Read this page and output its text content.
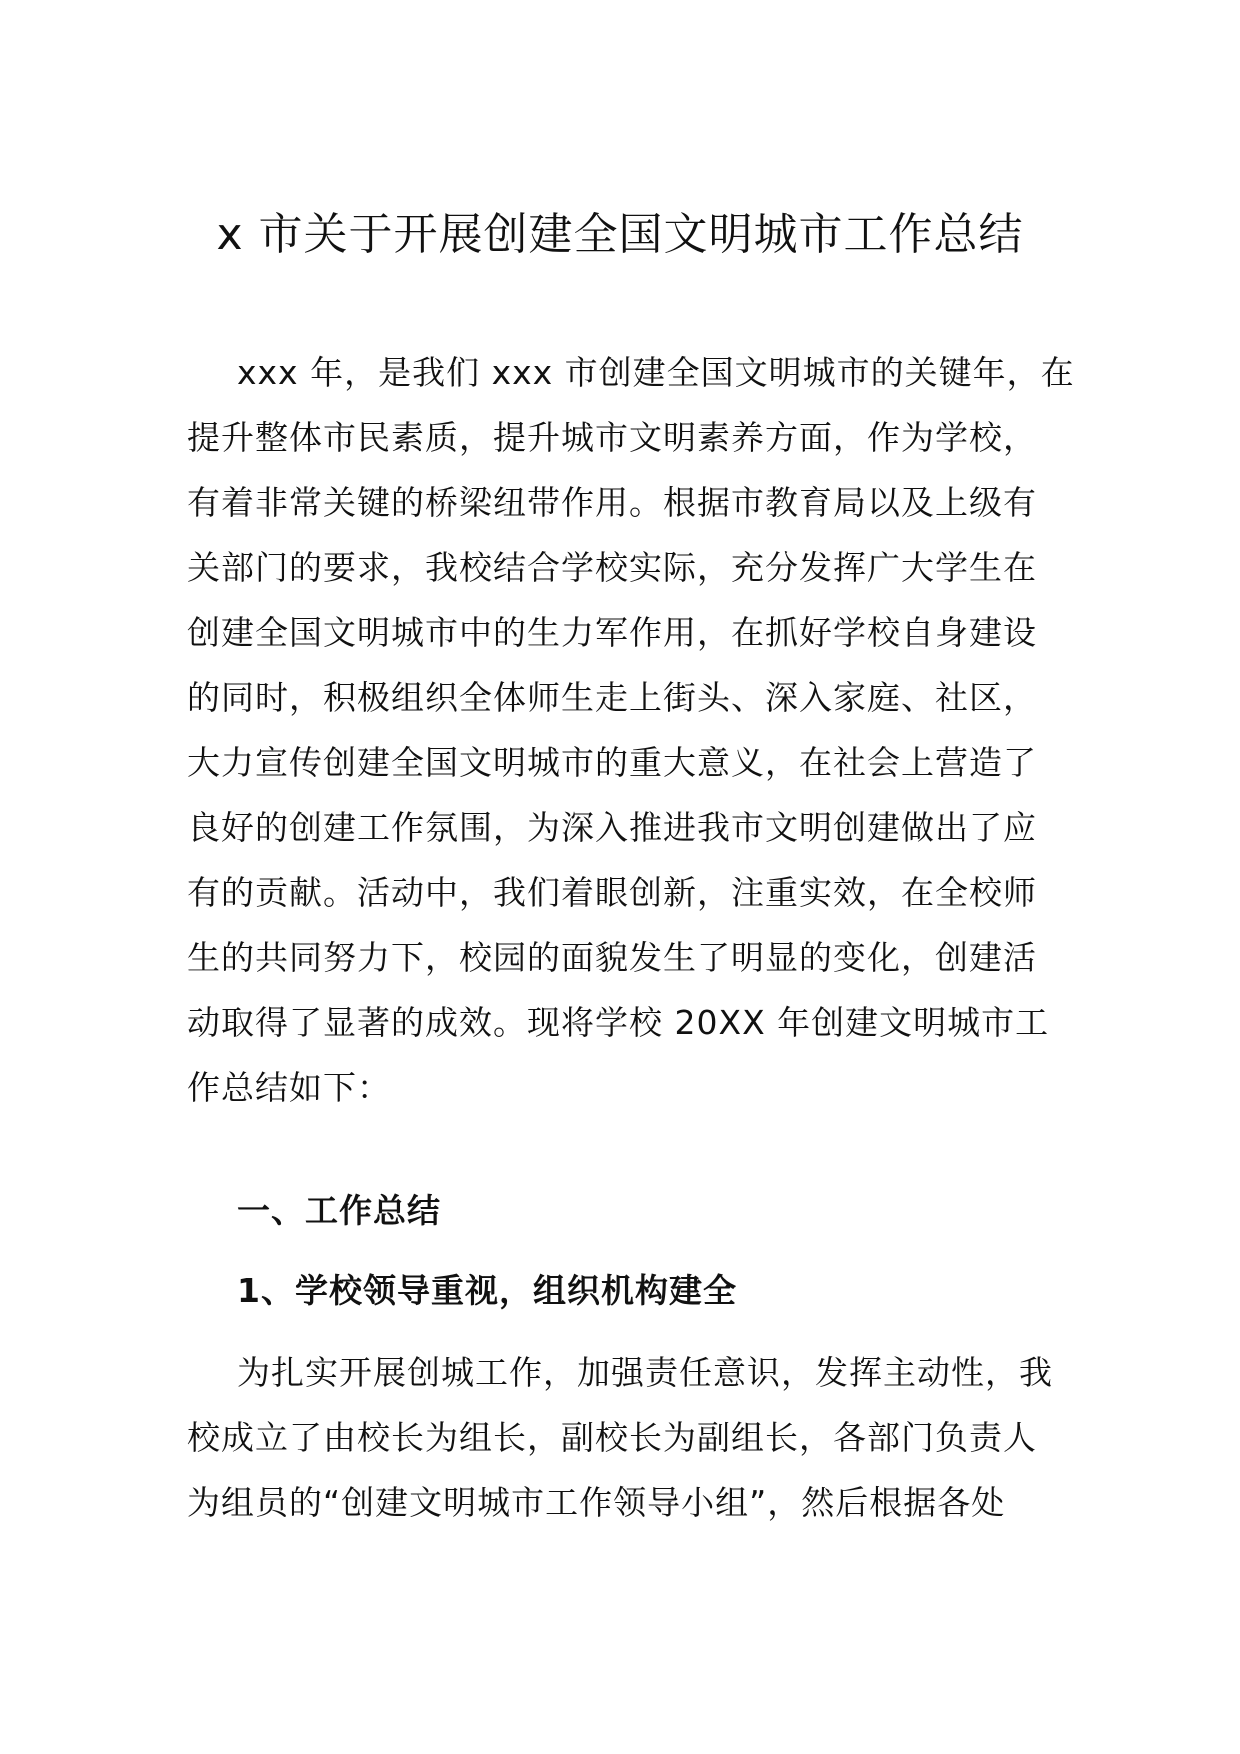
x 市关于开展创建全国文明城市工作总结
xxx 年，是我们 xxx 市创建全国文明城市的关键年，在
提升整体市民素质，提升城市文明素养方面，作为学校，
有着非常关键的桥梁纽带作用。根据市教育局以及上级有
关部门的要求，我校结合学校实际，充分发挥广大学生在
创建全国文明城市中的生力军作用，在抓好学校自身建设
的同时，积极组织全体师生走上街头、深入家庭、社区，
大力宣传创建全国文明城市的重大意义，在社会上营造了
良好的创建工作氛围，为深入推进我市文明创建做出了应
有的贡献。活动中，我们着眼创新，注重实效，在全校师
生的共同努力下，校园的面貌发生了明显的变化，创建活
动取得了显著的成效。现将学校 20XX 年创建文明城市工
作总结如下：
一、工作总结
1、学校领导重视，组织机构建全
为扎实开展创城工作，加强责任意识，发挥主动性，我
校成立了由校长为组长，副校长为副组长，各部门负责人
为组员的“创建文明城市工作领导小组”，然后根据各处
